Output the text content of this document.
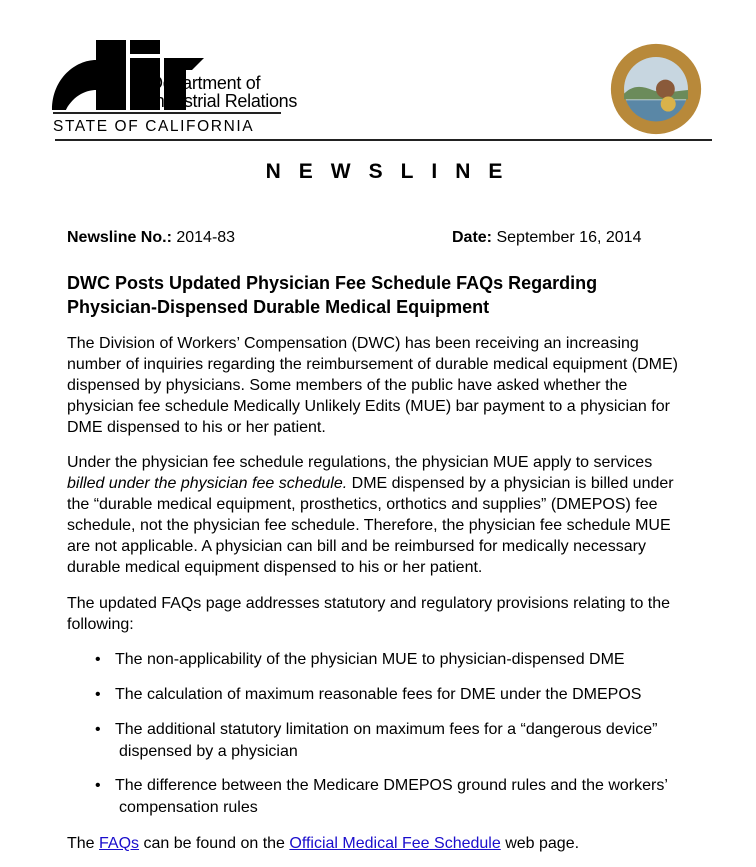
Department of
Industrial Relations
STATE OF CALIFORNIA
NEWSLINE
Newsline No.: 2014-83	Date: September 16, 2014
DWC Posts Updated Physician Fee Schedule FAQs Regarding Physician-Dispensed Durable Medical Equipment
The Division of Workers’ Compensation (DWC) has been receiving an increasing number of inquiries regarding the reimbursement of durable medical equipment (DME) dispensed by physicians. Some members of the public have asked whether the physician fee schedule Medically Unlikely Edits (MUE) bar payment to a physician for DME dispensed to his or her patient.
Under the physician fee schedule regulations, the physician MUE apply to services billed under the physician fee schedule. DME dispensed by a physician is billed under the “durable medical equipment, prosthetics, orthotics and supplies” (DMEPOS) fee schedule, not the physician fee schedule. Therefore, the physician fee schedule MUE are not applicable. A physician can bill and be reimbursed for medically necessary durable medical equipment dispensed to his or her patient.
The updated FAQs page addresses statutory and regulatory provisions relating to the following:
• The non-applicability of the physician MUE to physician-dispensed DME
• The calculation of maximum reasonable fees for DME under the DMEPOS
• The additional statutory limitation on maximum fees for a “dangerous device”
dispensed by a physician
• The difference between the Medicare DMEPOS ground rules and the workers’
compensation rules
The FAQs can be found on the Official Medical Fee Schedule web page.
